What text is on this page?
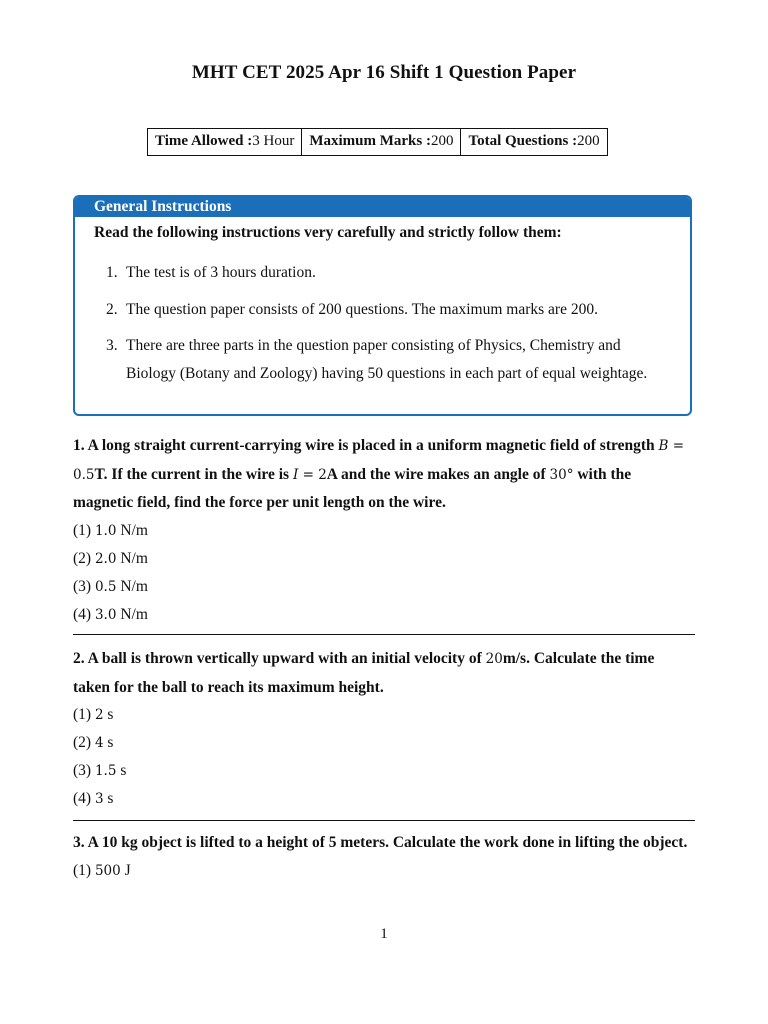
MHT CET 2025 Apr 16 Shift 1 Question Paper
Time Allowed :3 Hour	Maximum Marks :200	Total Questions :200
General Instructions
Read the following instructions very carefully and strictly follow them:
1. The test is of 3 hours duration.
2. The question paper consists of 200 questions. The maximum marks are 200.
3. There are three parts in the question paper consisting of Physics, Chemistry and Biology (Botany and Zoology) having 50 questions in each part of equal weightage.
1. A long straight current-carrying wire is placed in a uniform magnetic field of strength B = 0.5T. If the current in the wire is I = 2A and the wire makes an angle of 30° with the magnetic field, find the force per unit length on the wire.
(1) 1.0 N/m
(2) 2.0 N/m
(3) 0.5 N/m
(4) 3.0 N/m
2. A ball is thrown vertically upward with an initial velocity of 20m/s. Calculate the time taken for the ball to reach its maximum height.
(1) 2 s
(2) 4 s
(3) 1.5 s
(4) 3 s
3. A 10 kg object is lifted to a height of 5 meters. Calculate the work done in lifting the object.
(1) 500 J
1
